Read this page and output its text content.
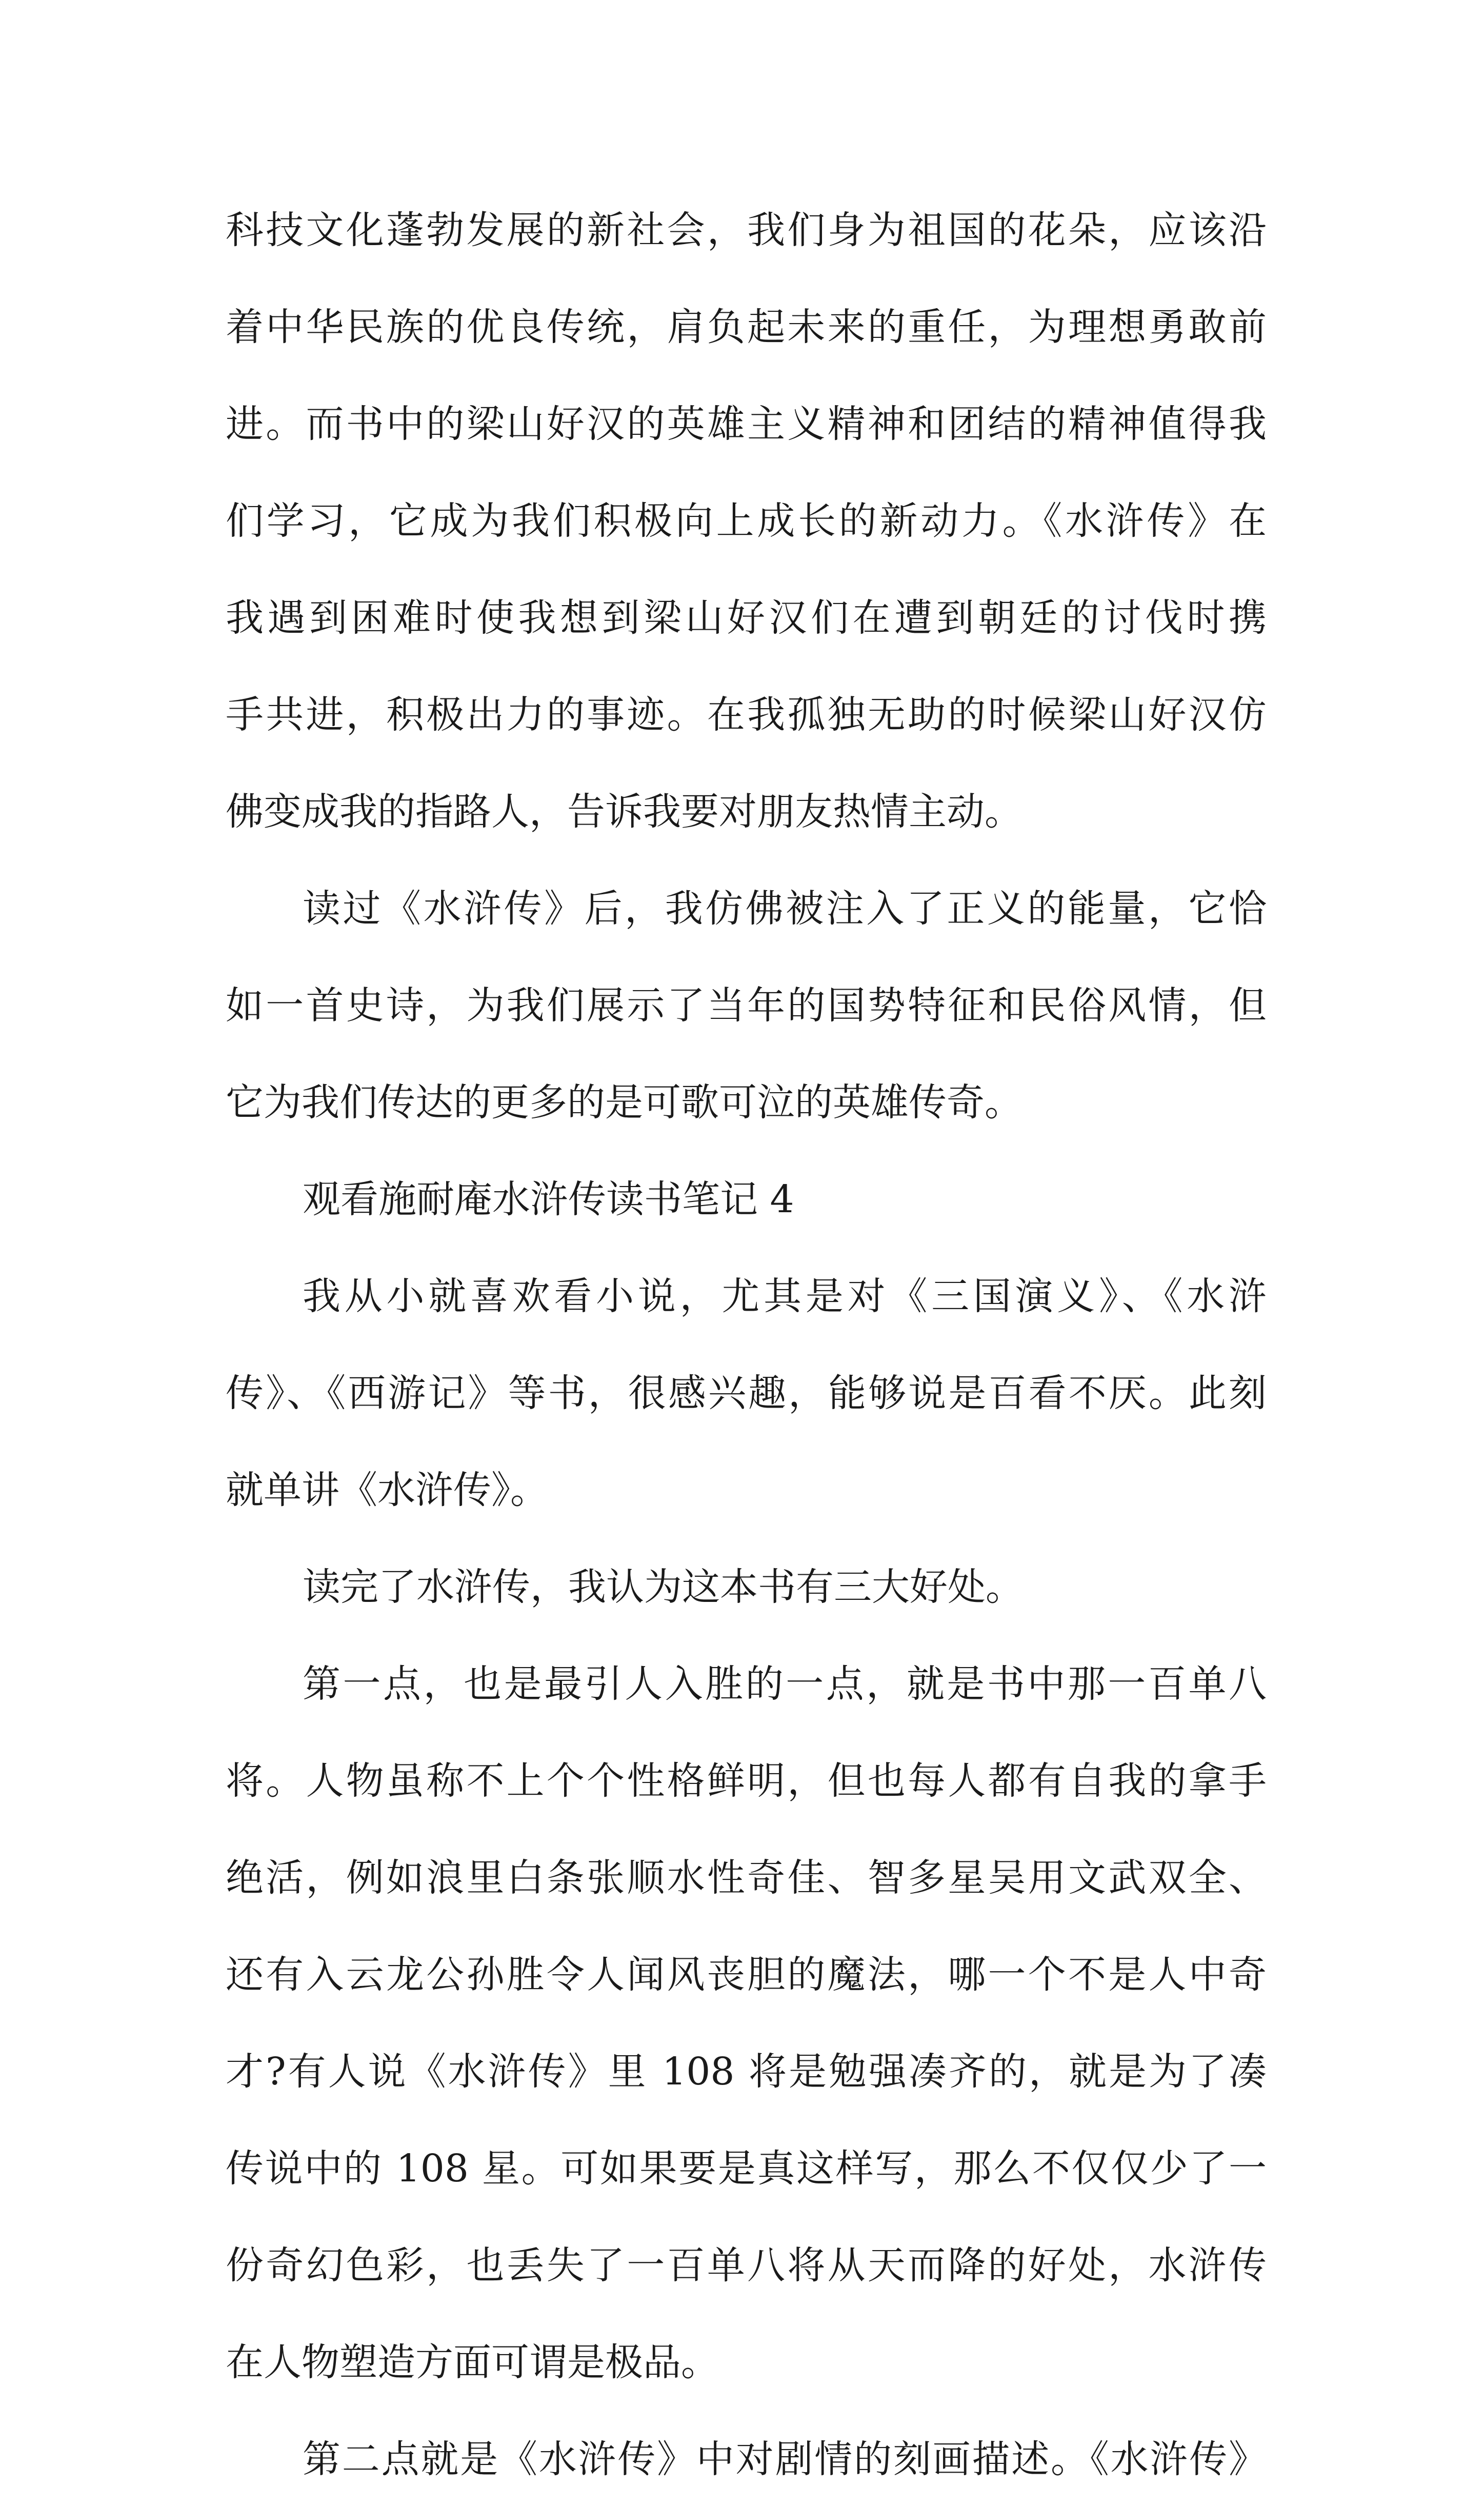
科技文化蓬勃发展的新社会，我们身为祖国的花朵，应该沿
着中华民族的优良传统，肩负起未来的重任，为理想勇敢前
进。而书中的梁山好汉的英雄主义精神和团结的精神值得我
们学习，它成为我们积极向上成长的新动力。《水浒传》在
我遇到困难时使我想到梁山好汉们在遭到朝廷的讨伐时携
手共进，积极出力的事迹。在我孤独无助的时候梁山好汉仿
佛变成我的指路人，告诉我要对朋友热情主动。
读过《水浒传》后，我仿佛被注入了正义的能量，它恰
如一首史诗，为我们展示了当年的国势特征和民俗风情，但
它为我们传达的更多的是可歌可泣的英雄传奇。
观看施耐庵水浒传读书笔记 4
我从小就喜欢看小说，尤其是对《三国演义》、《水浒
传》、《西游记》等书，很感兴趣，能够说是百看不厌。此刻
就单讲《水浒传》。
读完了水浒传，我认为这本书有三大好处。
第一点，也是最引人入胜的一点，就是书中那一百单八
将。人物虽称不上个个性格鲜明，但也每人都有自我的拿手
绝活，例如浪里白条张顺水性奇佳、智多星吴用文武双全、
还有入云龙公孙胜令人闻风丧胆的魔法，哪一个不是人中奇
才?有人说《水浒传》里 108 将是勉强凑齐的，就是为了凑
传说中的 108 星。可如果要是真这样写，那么不仅仅少了一
份奇幻色彩，也丢失了一百单八将从天而降的好处，水浒传
在人物塑造方面可谓是极品。
第二点就是《水浒传》中对剧情的刻画描述。《水浒传》
